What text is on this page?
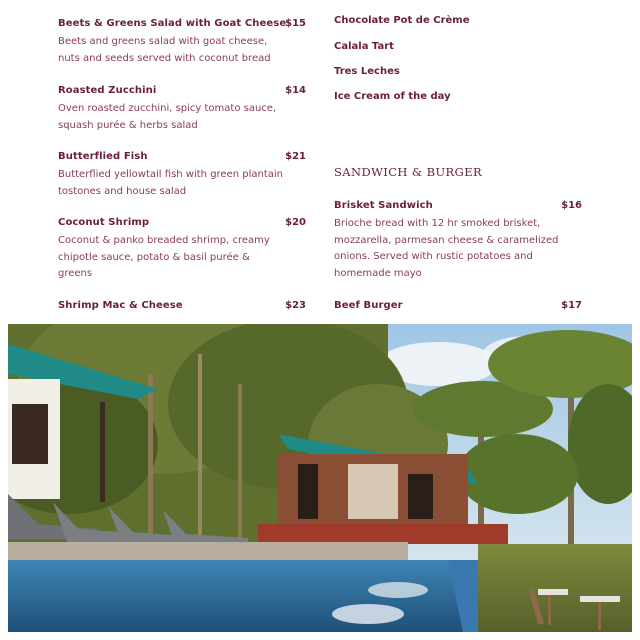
Beets & Greens Salad with Goat Cheese
$15
Beets and greens salad with goat cheese,
nuts and seeds served with coconut bread
Roasted Zucchini	$14
Oven roasted zucchini, spicy tomato sauce,
squash purée & herbs salad
Butterflied Fish	$21
Butterflied yellowtail fish with green plantain
tostones and house salad
Coconut Shrimp	$20
Coconut & panko breaded shrimp, creamy
chipotle sauce, potato & basil purée &
greens
Shrimp Mac & Cheese	$23
Chocolate Pot de Crème
Calala Tart
Tres Leches
Ice Cream of the day
SANDWICH & BURGER
Brisket Sandwich	$16
Brioche bread with 12 hr smoked brisket,
mozzarella, parmesan cheese & caramelized
onions. Served with rustic potatoes and
homemade mayo
Beef Burger	$17
